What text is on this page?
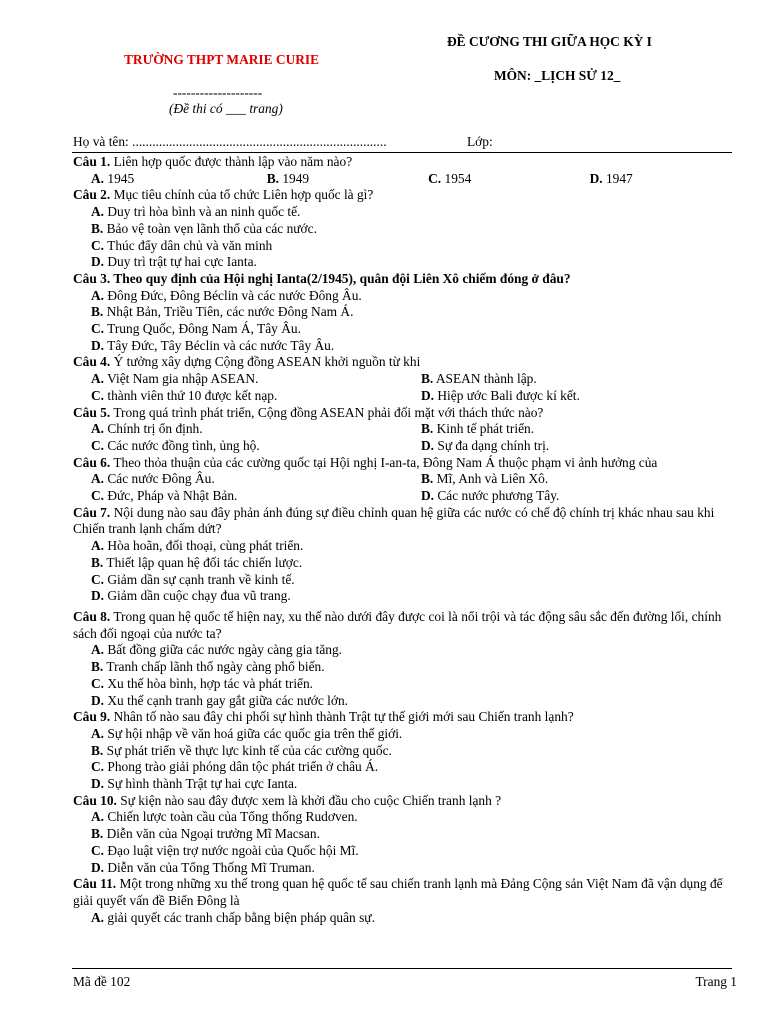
TRƯỜNG THPT MARIE CURIE
ĐỀ CƯƠNG THI GIỮA HỌC KỲ I
MÔN: _LỊCH SỬ 12_
--------------------
(Đề thi có ___ trang)
Họ và tên: ............................................................................	Lớp:

Câu 1. Liên hợp quốc được thành lập vào năm nào?

A. 1945	B. 1949	C. 1954	D. 1947

Câu 2. Mục tiêu chính của tổ chức Liên hợp quốc là gì?

A. Duy trì hòa bình và an ninh quốc tế.

B. Bảo vệ toàn vẹn lãnh thổ của các nước.

C. Thúc đẩy dân chủ và văn minh

D. Duy trì trật tự hai cực Ianta.

Câu 3. Theo quy định của Hội nghị Ianta(2/1945), quân đội Liên Xô chiếm đóng ở đâu?

A. Đông Đức, Đông Béclin và các nước Đông Âu.

B. Nhật Bản, Triều Tiên, các nước Đông Nam Á.

C. Trung Quốc, Đông Nam Á, Tây Âu.

D. Tây Đức, Tây Béclin và các nước Tây Âu.

Câu 4. Ý tưởng xây dựng Cộng đồng ASEAN khởi nguồn từ khi

A. Việt Nam gia nhập ASEAN.	B. ASEAN thành lập.
C. thành viên thứ 10 được kết nạp.	D. Hiệp ước Bali được kí kết.

Câu 5. Trong quá trình phát triển, Cộng đồng ASEAN phải đối mặt với thách thức nào?

A. Chính trị ổn định.	B. Kinh tế phát triển.
C. Các nước đồng tình, ủng hộ.	D. Sự đa dạng chính trị.

Câu 6. Theo thỏa thuận của các cường quốc tại Hội nghị I-an-ta, Đông Nam Á thuộc phạm vi ảnh hưởng của

A. Các nước Đông Âu.	B. Mĩ, Anh và Liên Xô.
C. Đức, Pháp và Nhật Bản.	D. Các nước phương Tây.

Câu 7. Nội dung nào sau đây phản ánh đúng sự điều chỉnh quan hệ giữa các nước có chế độ chính trị khác nhau sau khi Chiến tranh lạnh chấm dứt?

A. Hòa hoãn, đối thoại, cùng phát triển.

B. Thiết lập quan hệ đối tác chiến lược.

C. Giảm dần sự cạnh tranh về kinh tế.

D. Giảm dần cuộc chạy đua vũ trang.

Câu 8. Trong quan hệ quốc tế hiện nay, xu thế nào dưới đây được coi là nổi trội và tác động sâu sắc đến đường lối, chính sách đối ngoại của nước ta?

A. Bất đồng giữa các nước ngày càng gia tăng.

B. Tranh chấp lãnh thổ ngày càng phổ biến.

C. Xu thế hòa bình, hợp tác và phát triển.

D. Xu thế cạnh tranh gay gắt giữa các nước lớn.

Câu 9. Nhân tố nào sau đây chi phối sự hình thành Trật tự thế giới mới sau Chiến tranh lạnh?

A. Sự hội nhập về văn hoá giữa các quốc gia trên thế giới.

B. Sự phát triển về thực lực kinh tế của các cường quốc.

C. Phong trào giải phóng dân tộc phát triển ở châu Á.

D. Sự hình thành Trật tự hai cực Ianta.

Câu 10. Sự kiện nào sau đây được xem là khởi đầu cho cuộc Chiến tranh lạnh ?

A. Chiến lược toàn cầu của Tổng thống Rudơven.

B. Diễn văn của Ngoại trưởng Mĩ Macsan.

C. Đạo luật viện trợ nước ngoài của Quốc hội Mĩ.

D. Diễn văn của Tổng Thống Mĩ Truman.

Câu 11. Một trong những xu thế trong quan hệ quốc tế sau chiến tranh lạnh mà Đảng Cộng sản Việt Nam đã vận dụng để giải quyết vấn đề Biển Đông là

A. giải quyết các tranh chấp bằng biện pháp quân sự.

Mã đề 102	Trang 1
